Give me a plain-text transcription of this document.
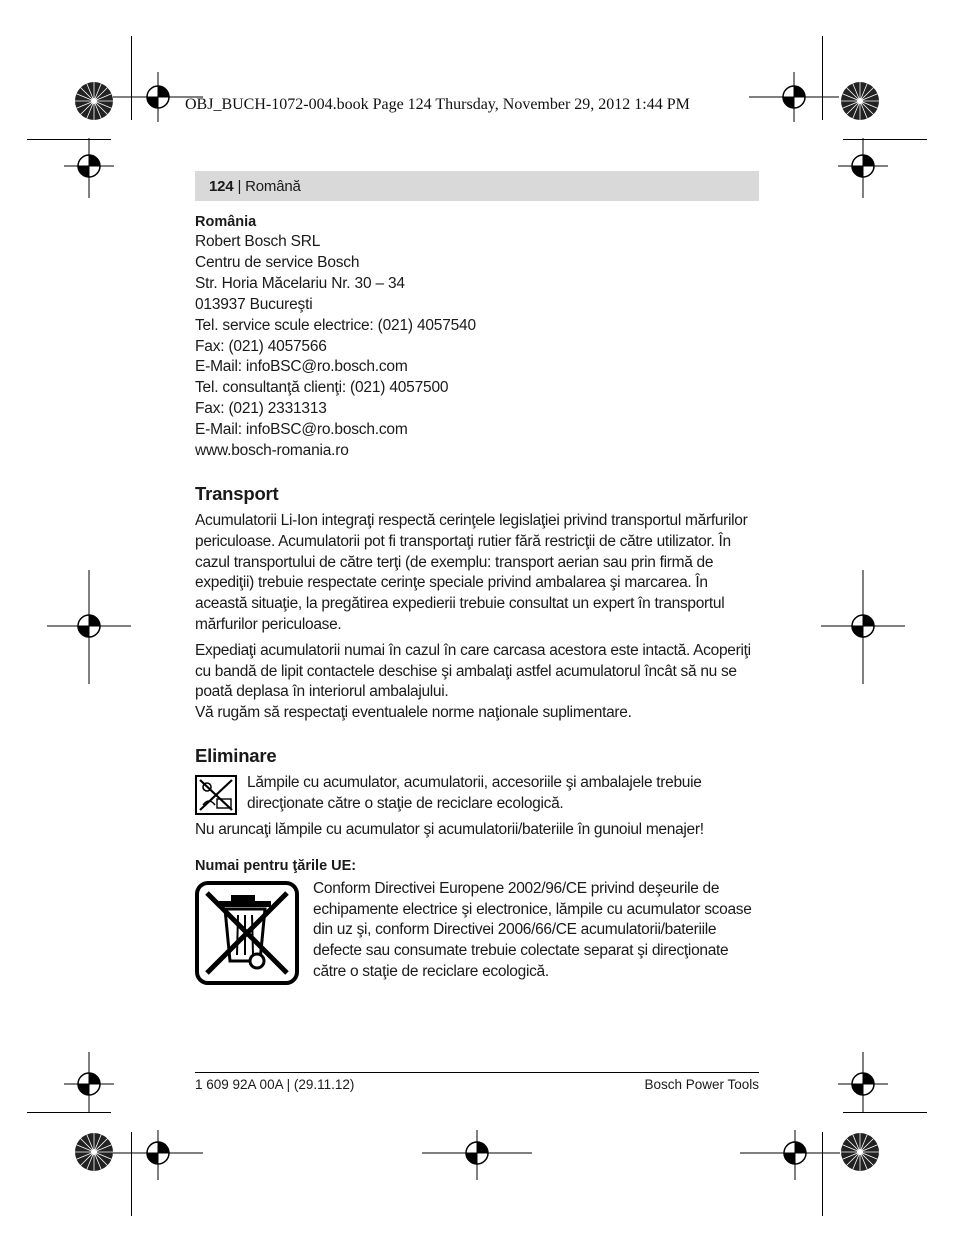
OBJ_BUCH-1072-004.book Page 124 Thursday, November 29, 2012 1:44 PM
124 | Română
România
Robert Bosch SRL
Centru de service Bosch
Str. Horia Măcelariu Nr. 30 – 34
013937 Bucureşti
Tel. service scule electrice: (021) 4057540
Fax: (021) 4057566
E-Mail: infoBSC@ro.bosch.com
Tel. consultanţă clienţi: (021) 4057500
Fax: (021) 2331313
E-Mail: infoBSC@ro.bosch.com
www.bosch-romania.ro
Transport

Acumulatorii Li-Ion integraţi respectă cerinţele legislaţiei privind transportul mărfurilor periculoase. Acumulatorii pot fi transportaţi rutier fără restricţii de către utilizator. În cazul transportului de către terţi (de exemplu: transport aerian sau prin firmă de expediţii) trebuie respectate cerinţe speciale privind ambalarea şi marcarea. În această situaţie, la pregătirea expedierii trebuie consultat un expert în transportul mărfurilor periculoase.

Expediaţi acumulatorii numai în cazul în care carcasa acestora este intactă. Acoperiţi cu bandă de lipit contactele deschise şi ambalaţi astfel acumulatorul încât să nu se poată deplasa în interiorul ambalajului.

Vă rugăm să respectaţi eventualele norme naţionale suplimentare.

Eliminare

Lămpile cu acumulator, acumulatorii, accesoriile şi ambalajele trebuie direcţionate către o staţie de reciclare ecologică.

Nu aruncaţi lămpile cu acumulator şi acumulatorii/bateriile în gunoiul menajer!

Numai pentru ţările UE:

Conform Directivei Europene 2002/96/CE privind deşeurile de echipamente electrice şi electronice, lămpile cu acumulator scoase din uz şi, conform Directivei 2006/66/CE acumulatorii/bateriile defecte sau consumate trebuie colectate separat şi direcţionate către o staţie de reciclare ecologică.

1 609 92A 00A | (29.11.12)	Bosch Power Tools
